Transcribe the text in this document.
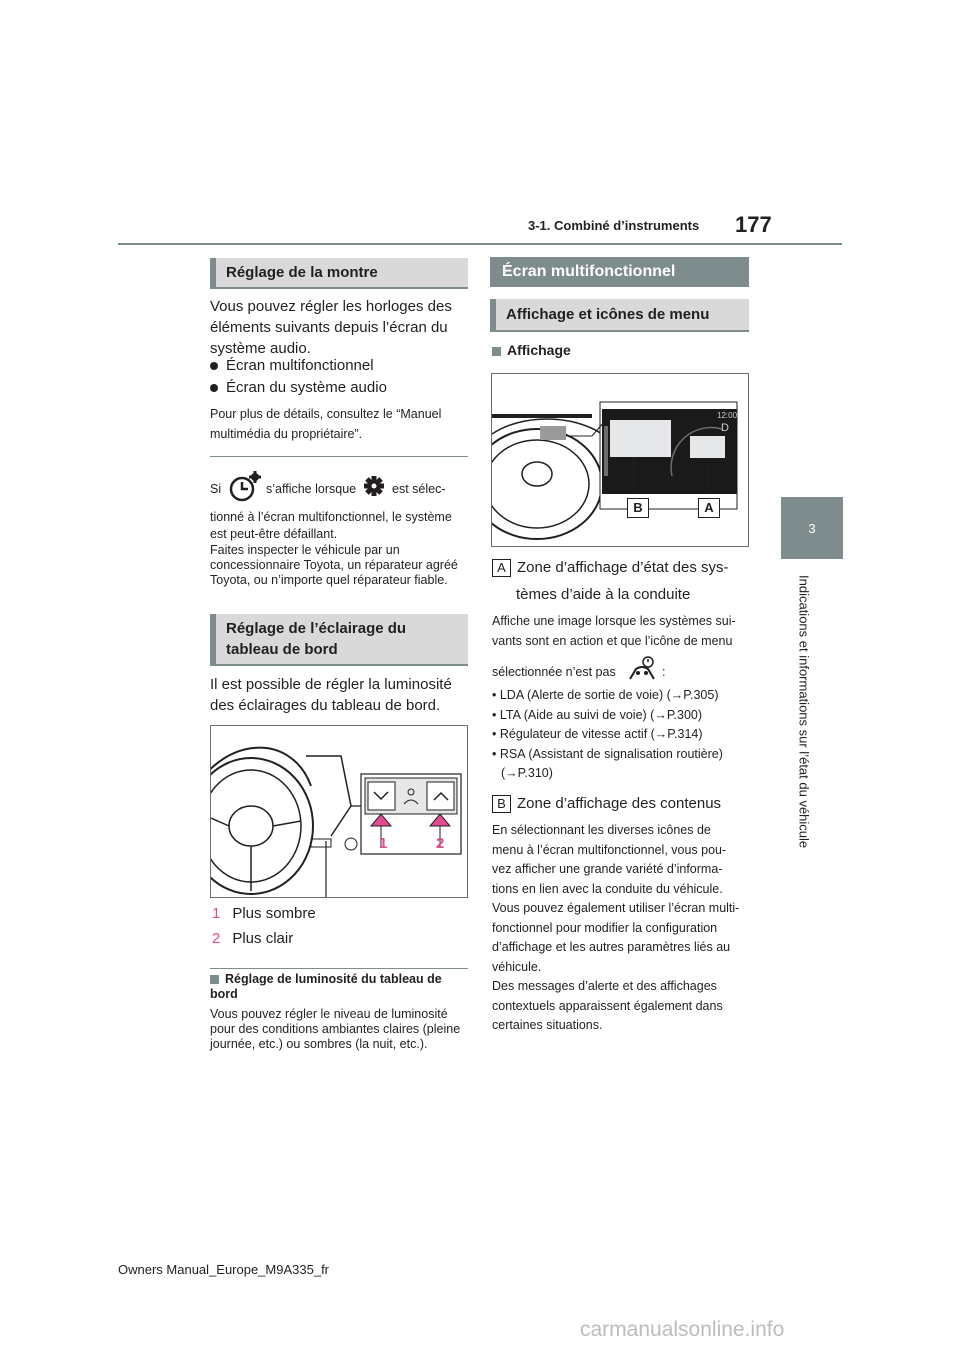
3-1. Combiné d’instruments 177
3
Indications et informations sur l’état du véhicule
Réglage de la montre
Vous pouvez régler les horloges des éléments suivants depuis l’écran du système audio.
Écran multifonctionnel
Écran du système audio
Pour plus de détails, consultez le “Manuel multimédia du propriétaire”.
Si	s’affiche lorsque	est sélec-
tionné à l’écran multifonctionnel, le système est peut-être défaillant.
Faites inspecter le véhicule par un concessionnaire Toyota, un réparateur agréé Toyota, ou n’importe quel réparateur fiable.
Réglage de l’éclairage du
tableau de bord
Il est possible de régler la luminosité des éclairages du tableau de bord.
1	2
1 Plus sombre
2 Plus clair
Réglage de luminosité du tableau de bord
Vous pouvez régler le niveau de luminosité pour des conditions ambiantes claires (pleine journée, etc.) ou sombres (la nuit, etc.).
Écran multifonctionnel
Affichage et icônes de menu
Affichage
12:00
D
B	A
A Zone d’affichage d’état des sys-
tèmes d’aide à la conduite
Affiche une image lorsque les systèmes sui-
vants sont en action et que l’icône de menu
sélectionnée n’est pas	:
• LDA (Alerte de sortie de voie) (→P.305)
• LTA (Aide au suivi de voie) (→P.300)
• Régulateur de vitesse actif (→P.314)
• RSA (Assistant de signalisation routière)
(→P.310)
B Zone d’affichage des contenus
En sélectionnant les diverses icônes de
menu à l’écran multifonctionnel, vous pou-
vez afficher une grande variété d’informa-
tions en lien avec la conduite du véhicule.
Vous pouvez également utiliser l’écran multi-
fonctionnel pour modifier la configuration
d’affichage et les autres paramètres liés au
véhicule.
Des messages d’alerte et des affichages
contextuels apparaissent également dans
certaines situations.
Owners Manual_Europe_M9A335_fr
carmanualsonline.info
